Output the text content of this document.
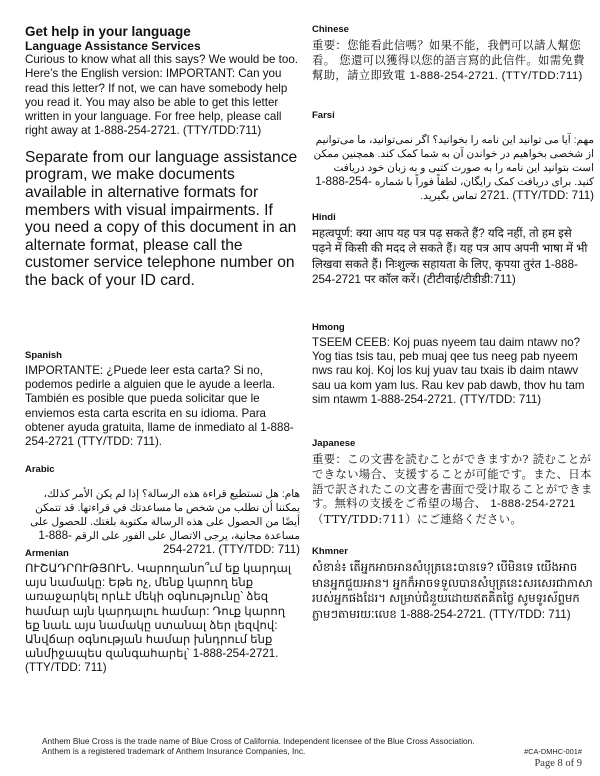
Get help in your language

Language Assistance Services

Curious to know what all this says? We would be too. Here’s the English version: IMPORTANT: Can you read this letter? If not, we can have somebody help you read it. You may also be able to get this letter written in your language. For free help, please call right away at 1-888-254-2721. (TTY/TDD:711)

Separate from our language assistance program, we make documents available in alternative formats for members with visual impairments. If you need a copy of this document in an alternate format, please call the customer service telephone number on the back of your ID card.

Spanish

IMPORTANTE: ¿Puede leer esta carta? Si no, podemos pedirle a alguien que le ayude a leerla. También es posible que pueda solicitar que le enviemos esta carta escrita en su idioma. Para obtener ayuda gratuita, llame de inmediato al 1-888-254-2721 (TTY/TDD: 711).

Arabic

هام: هل تستطيع قراءة هذه الرسالة؟ إذا لم يكن الأمر كذلك، يمكننا أن نطلب من شخص ما مساعدتك في قراءتها. قد تتمكن أيضًا من الحصول على هذه الرسالة مكتوبة بلغتك. للحصول على مساعدة مجانية، يرجى الاتصال على الفور على الرقم 1-888-254-2721. (TTY/TDD: 711)

Armenian

ՈՒՇԱԴՐՈՒԹՅՈՒՆ. Կարողանո՞ւմ եք կարդալ այս նամակը: Եթե ոչ, մենք կարող ենք առաջարկել որևէ մեկի օգնությունը՝ ձեզ համար այն կարդալու համար: Դուք կարող եք նաև այս նամակը ստանալ ձեր լեզվով: Անվճար օգնության համար խնդրում ենք անմիջապես զանգահարել՝ 1-888-254-2721. (TTY/TDD: 711)

Chinese

重要：您能看此信嗎？如果不能，我們可以請人幫您看。 您還可以獲得以您的語言寫的此信件。如需免費幫助，請立即致電 1-888-254-2721. (TTY/TDD:711)

Farsi

مهم: آیا می توانید این نامه را بخوانید؟ اگر نمی‌توانید، ما می‌توانیم از شخصی بخواهیم در خواندن آن به شما کمک کند. همچنین ممکن است بتوانید این نامه را به صورت کتبی و به زبان خود دریافت کنید. برای دریافت کمک رایگان، لطفاً فوراً با شماره 1-888-254-2721. (TTY/TDD: 711) تماس بگیرید.

Hindi

महत्वपूर्ण: क्या आप यह पत्र पढ़ सकते हैं? यदि नहीं, तो हम इसे पढ़ने में किसी की मदद ले सकते हैं। यह पत्र आप अपनी भाषा में भी लिखवा सकते हैं। निःशुल्क सहायता के लिए, कृपया तुरंत 1-888-254-2721 पर कॉल करें। (टीटीवाई/टीडीडी:711)

Hmong

TSEEM CEEB: Koj puas nyeem tau daim ntawv no? Yog tias tsis tau, peb muaj qee tus neeg pab nyeem nws rau koj. Koj los kuj yuav tau txais ib daim ntawv sau ua kom yam lus. Rau kev pab dawb, thov hu tam sim ntawm 1-888-254-2721. (TTY/TDD: 711)

Japanese

重要：この文書を読むことができますか? 読むことができない場合、支援することが可能です。また、日本語で訳されたこの文書を書面で受け取ることができます。無料の支援をご希望の場合、 1-888-254-2721 （TTY/TDD:711）にご連絡ください。

Khmner

សំខាន់៖ តើអ្នកអាចអានសំបុត្រនេះបានទេ? បើមិនទេ យើងអាចមានអ្នកជួយអាន។ អ្នកក៏អាចទទួលបានសំបុត្រនេះសរសេរជាភាសារបស់អ្នកផងដែរ។ សម្រាប់ជំនួយដោយឥតគិតថ្លៃ សូមទូរស័ព្ទមកភ្លាមៗតាមរយៈលេខ 1-888-254-2721. (TTY/TDD: 711)

Anthem Blue Cross is the trade name of Blue Cross of California. Independent licensee of the Blue Cross Association.
Anthem is a registered trademark of Anthem Insurance Companies, Inc.	#CA-DMHC-001#
Page 8 of 9
